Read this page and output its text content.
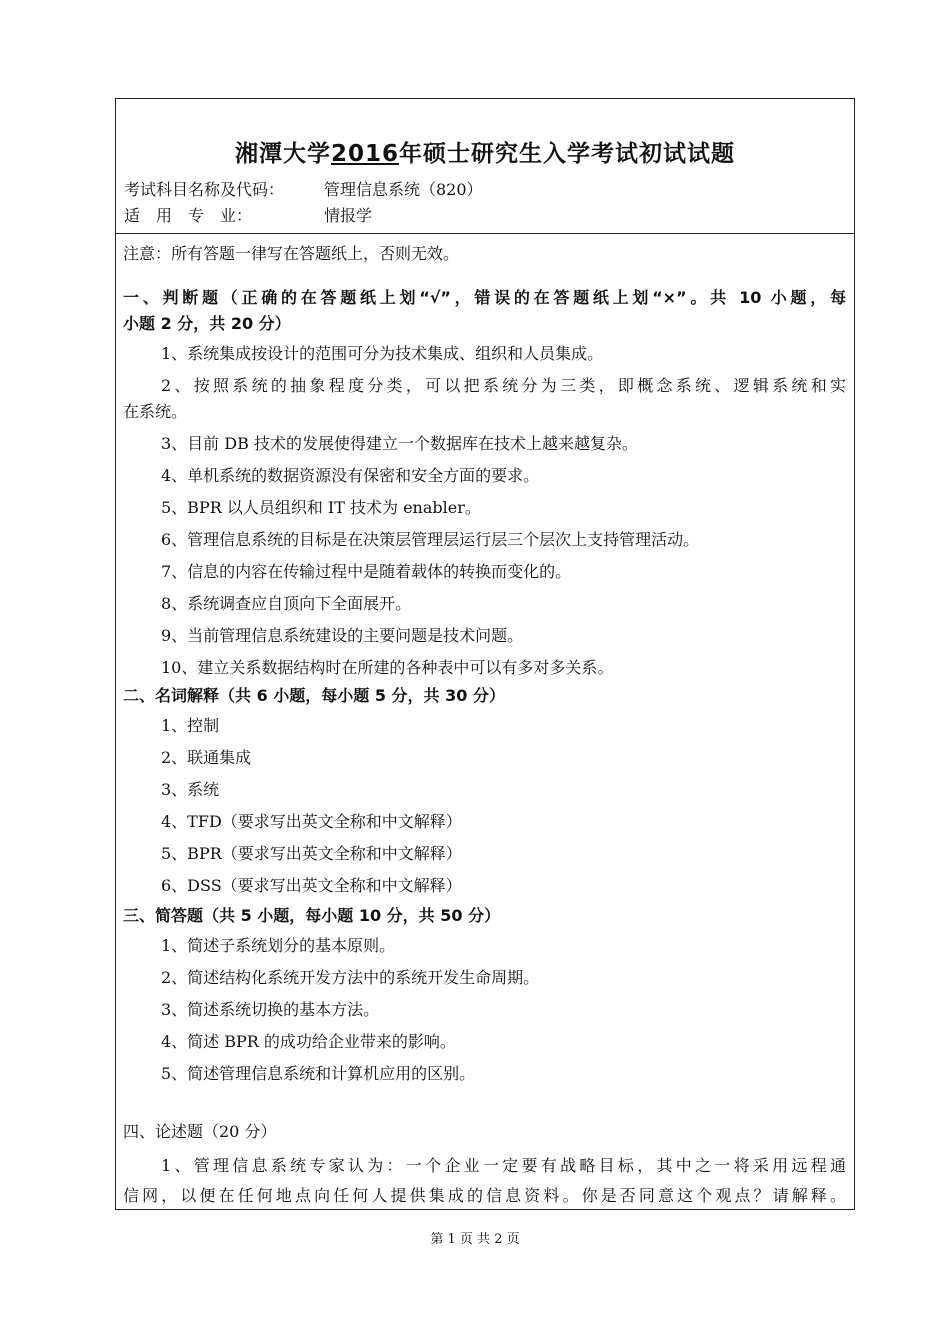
湘潭大学2016年硕士研究生入学考试初试试题
考试科目名称及代码： 管理信息系统（820）
适　用　专　业：	情报学
注意：所有答题一律写在答题纸上，否则无效。
一、判断题（正确的在答题纸上划“√”，错误的在答题纸上划“×”。共 10 小题，每
小题 2 分，共 20 分）
1、系统集成按设计的范围可分为技术集成、组织和人员集成。
2、按照系统的抽象程度分类，可以把系统分为三类，即概念系统、逻辑系统和实
在系统。
3、目前 DB 技术的发展使得建立一个数据库在技术上越来越复杂。
4、单机系统的数据资源没有保密和安全方面的要求。
5、BPR 以人员组织和 IT 技术为 enabler。
6、管理信息系统的目标是在决策层管理层运行层三个层次上支持管理活动。
7、信息的内容在传输过程中是随着载体的转换而变化的。
8、系统调查应自顶向下全面展开。
9、当前管理信息系统建设的主要问题是技术问题。
10、建立关系数据结构时在所建的各种表中可以有多对多关系。
二、名词解释（共 6 小题，每小题 5 分，共 30 分）
1、控制
2、联通集成
3、系统
4、TFD（要求写出英文全称和中文解释）
5、BPR（要求写出英文全称和中文解释）
6、DSS（要求写出英文全称和中文解释）
三、简答题（共 5 小题，每小题 10 分，共 50 分）
1、简述子系统划分的基本原则。
2、简述结构化系统开发方法中的系统开发生命周期。
3、简述系统切换的基本方法。
4、简述 BPR 的成功给企业带来的影响。
5、简述管理信息系统和计算机应用的区别。
四、论述题（20 分）
1、管理信息系统专家认为：一个企业一定要有战略目标，其中之一将采用远程通
信网，以便在任何地点向任何人提供集成的信息资料。你是否同意这个观点？请解释。
第 1 页 共 2 页
